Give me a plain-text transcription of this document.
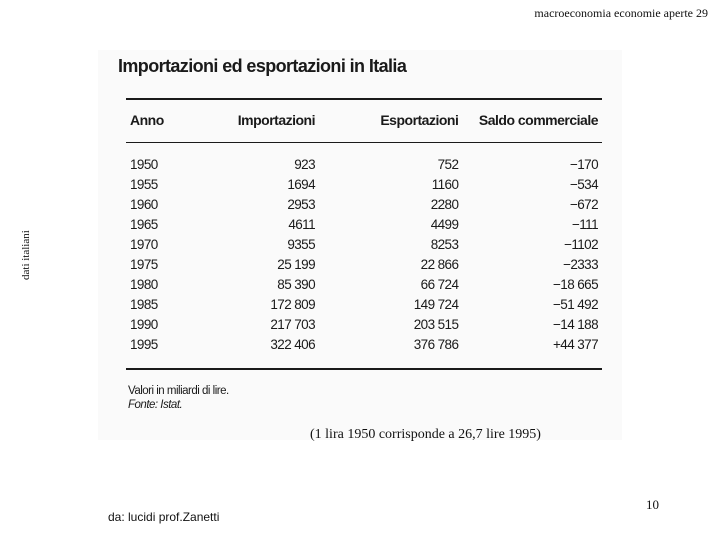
macroeconomia economie aperte 29
dati italiani
Importazioni ed esportazioni in Italia
Anno	Importazioni	Esportazioni	Saldo commerciale
1950	923	752	−170
1955	1694	1160	−534
1960	2953	2280	−672
1965	4611	4499	−111
1970	9355	8253	−1102
1975	25 199	22 866	−2333
1980	85 390	66 724	−18 665
1985	172 809	149 724	−51 492
1990	217 703	203 515	−14 188
1995	322 406	376 786	+44 377
Valori in miliardi di lire.
Fonte: Istat.
(1 lira 1950 corrisponde a 26,7 lire 1995)
da: lucidi prof.Zanetti
10
